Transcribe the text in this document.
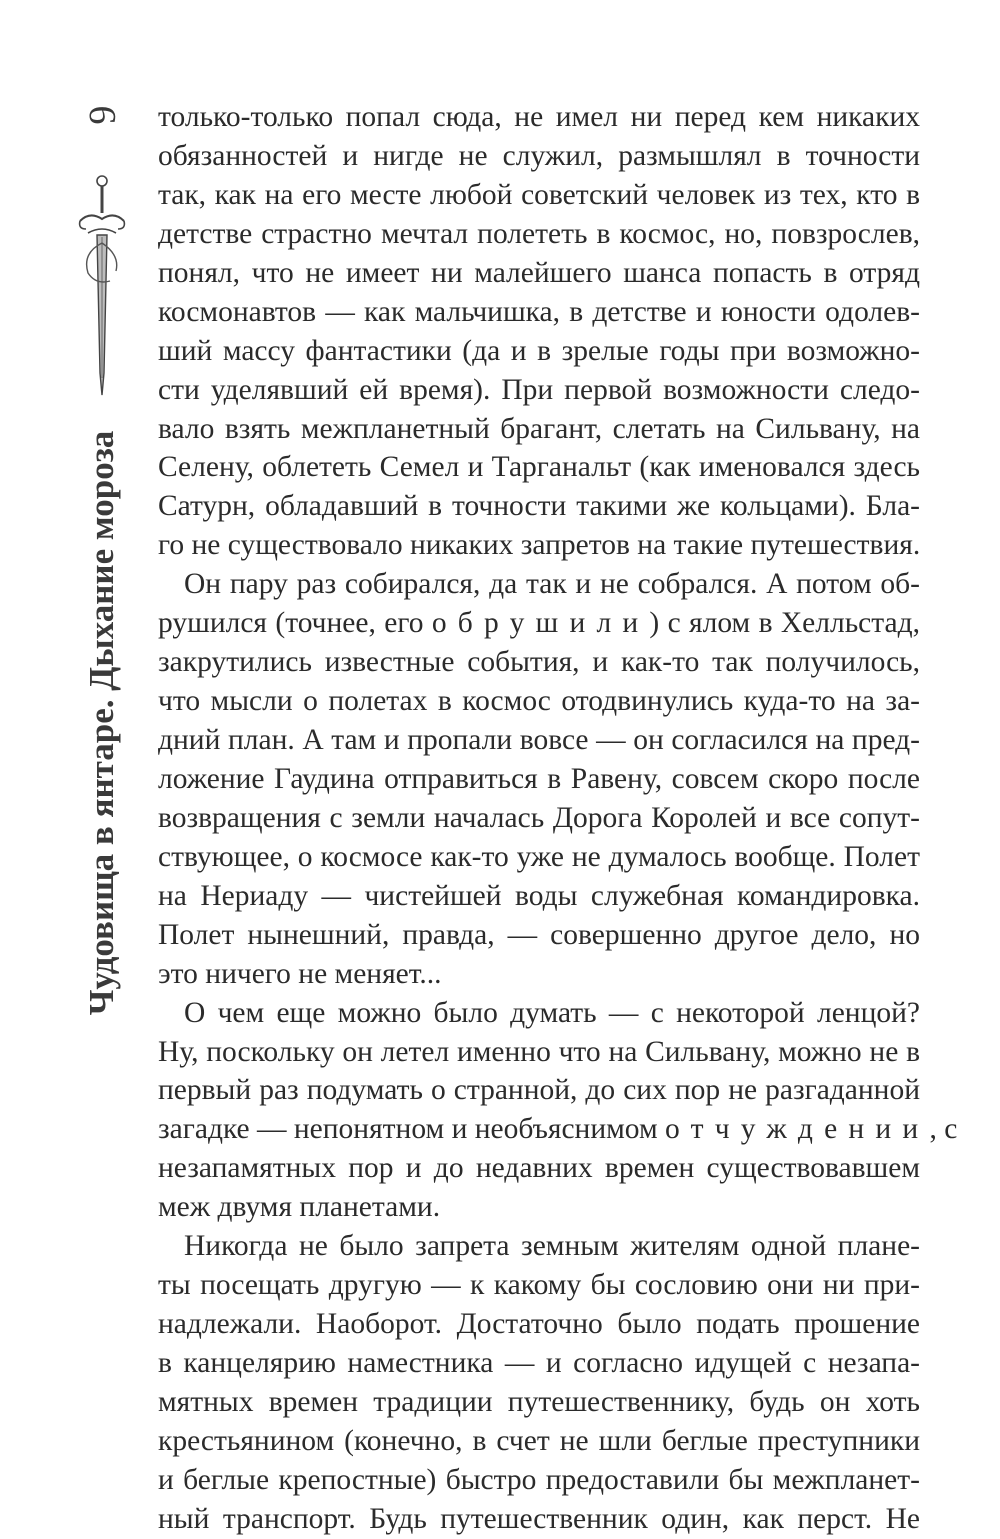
6
Чудовища в янтаре. Дыхание мороза
только-только попал сюда, не имел ни перед кем никаких
обязанностей и нигде не служил, размышлял в точности
так, как на его месте любой советский человек из тех, кто в
детстве страстно мечтал полететь в космос, но, повзрослев,
понял, что не имеет ни малейшего шанса попасть в отряд
космонавтов — как мальчишка, в детстве и юности одолев-
ший массу фантастики (да и в зрелые годы при возможно-
сти уделявший ей время). При первой возможности следо-
вало взять межпланетный брагант, слетать на Сильвану, на
Селену, облететь Семел и Тарганальт (как именовался здесь
Сатурн, обладавший в точности такими же кольцами). Бла-
го не существовало никаких запретов на такие путешествия.
Он пару раз собирался, да так и не собрался. А потом об-
рушился (точнее, его обрушили) с ялом в Хелльстад,
закрутились известные события, и как-то так получилось,
что мысли о полетах в космос отодвинулись куда-то на за-
дний план. А там и пропали вовсе — он согласился на пред-
ложение Гаудина отправиться в Равену, совсем скоро после
возвращения с земли началась Дорога Королей и все сопут-
ствующее, о космосе как-то уже не думалось вообще. Полет
на Нериаду — чистейшей воды служебная командировка.
Полет нынешний, правда, — совершенно другое дело, но
это ничего не меняет...
О чем еще можно было думать — с некоторой ленцой?
Ну, поскольку он летел именно что на Сильвану, можно не в
первый раз подумать о странной, до сих пор не разгаданной
загадке — непонятном и необъяснимом отчуждении, с
незапамятных пор и до недавних времен существовавшем
меж двумя планетами.
Никогда не было запрета земным жителям одной плане-
ты посещать другую — к какому бы сословию они ни при-
надлежали. Наоборот. Достаточно было подать прошение
в канцелярию наместника — и согласно идущей с незапа-
мятных времен традиции путешественнику, будь он хоть
крестьянином (конечно, в счет не шли беглые преступники
и беглые крепостные) быстро предоставили бы межпланет-
ный транспорт. Будь путешественник один, как перст. Не
